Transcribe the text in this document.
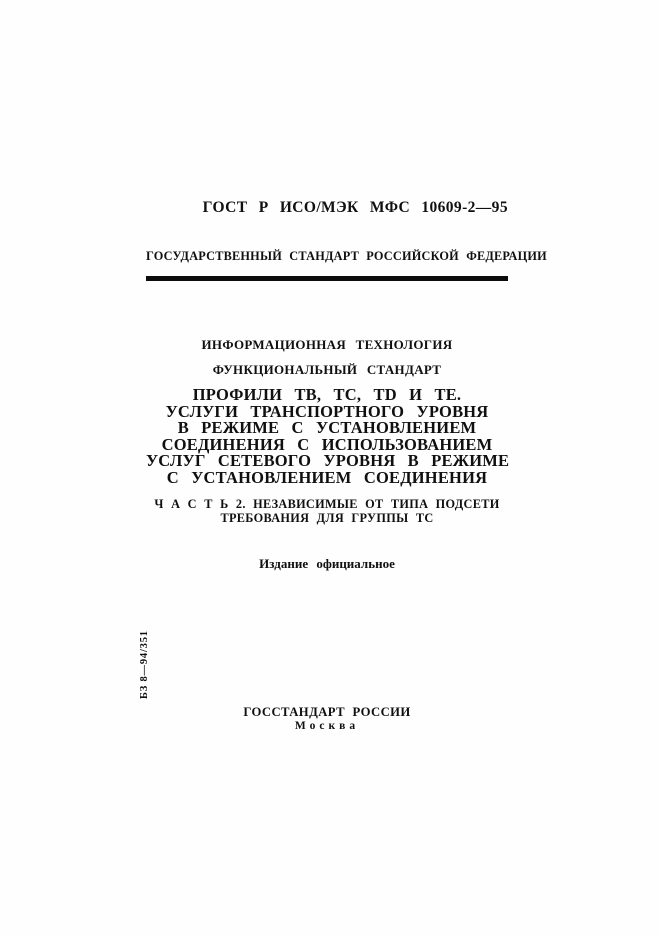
ГОСТ Р ИСО/МЭК МФС 10609-2—95
ГОСУДАРСТВЕННЫЙ СТАНДАРТ РОССИЙСКОЙ ФЕДЕРАЦИИ
ИНФОРМАЦИОННАЯ ТЕХНОЛОГИЯ
ФУНКЦИОНАЛЬНЫЙ СТАНДАРТ
ПРОФИЛИ ТВ, ТС, TD И ТЕ.
УСЛУГИ ТРАНСПОРТНОГО УРОВНЯ
В РЕЖИМЕ С УСТАНОВЛЕНИЕМ
СОЕДИНЕНИЯ С ИСПОЛЬЗОВАНИЕМ
УСЛУГ СЕТЕВОГО УРОВНЯ В РЕЖИМЕ
С УСТАНОВЛЕНИЕМ СОЕДИНЕНИЯ
Ч А С Т Ь 2. НЕЗАВИСИМЫЕ ОТ ТИПА ПОДСЕТИ
ТРЕБОВАНИЯ ДЛЯ ГРУППЫ ТС
Издание официальное
БЗ 8—94/351
ГОССТАНДАРТ РОССИИ
Москва
